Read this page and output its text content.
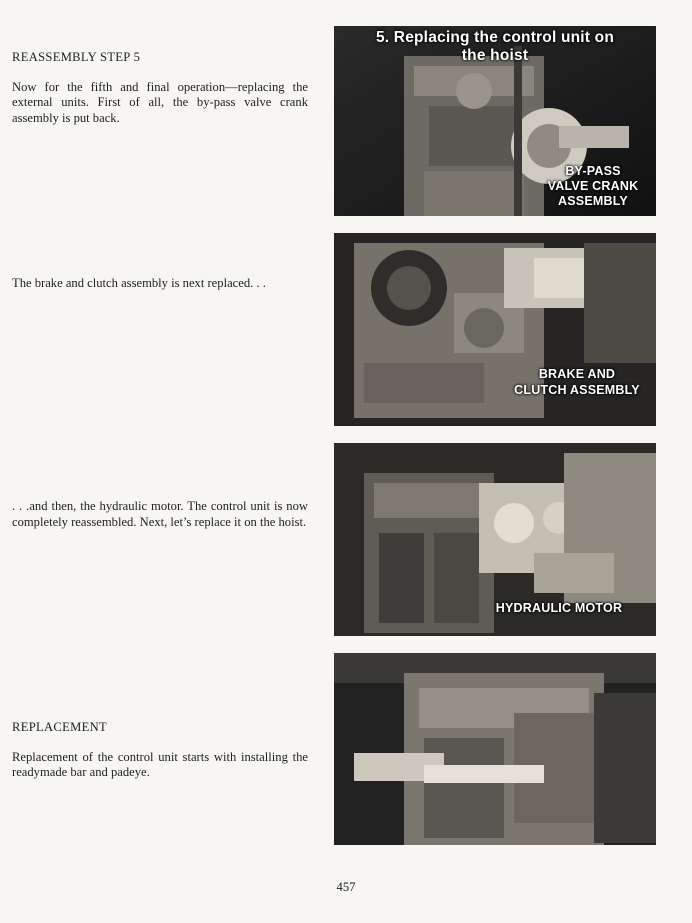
REASSEMBLY STEP 5

Now for the fifth and final operation—replacing the external units. First of all, the by-pass valve crank assembly is put back.

The brake and clutch assembly is next replaced. . .

. . .and then, the hydraulic motor. The control unit is now completely reassembled. Next, let’s replace it on the hoist.

REPLACEMENT

Replacement of the control unit starts with installing the readymade bar and padeye.

5. Replacing the control unit on
the hoist
BY-PASS
VALVE CRANK
ASSEMBLY
BRAKE AND
CLUTCH ASSEMBLY
HYDRAULIC MOTOR
457
